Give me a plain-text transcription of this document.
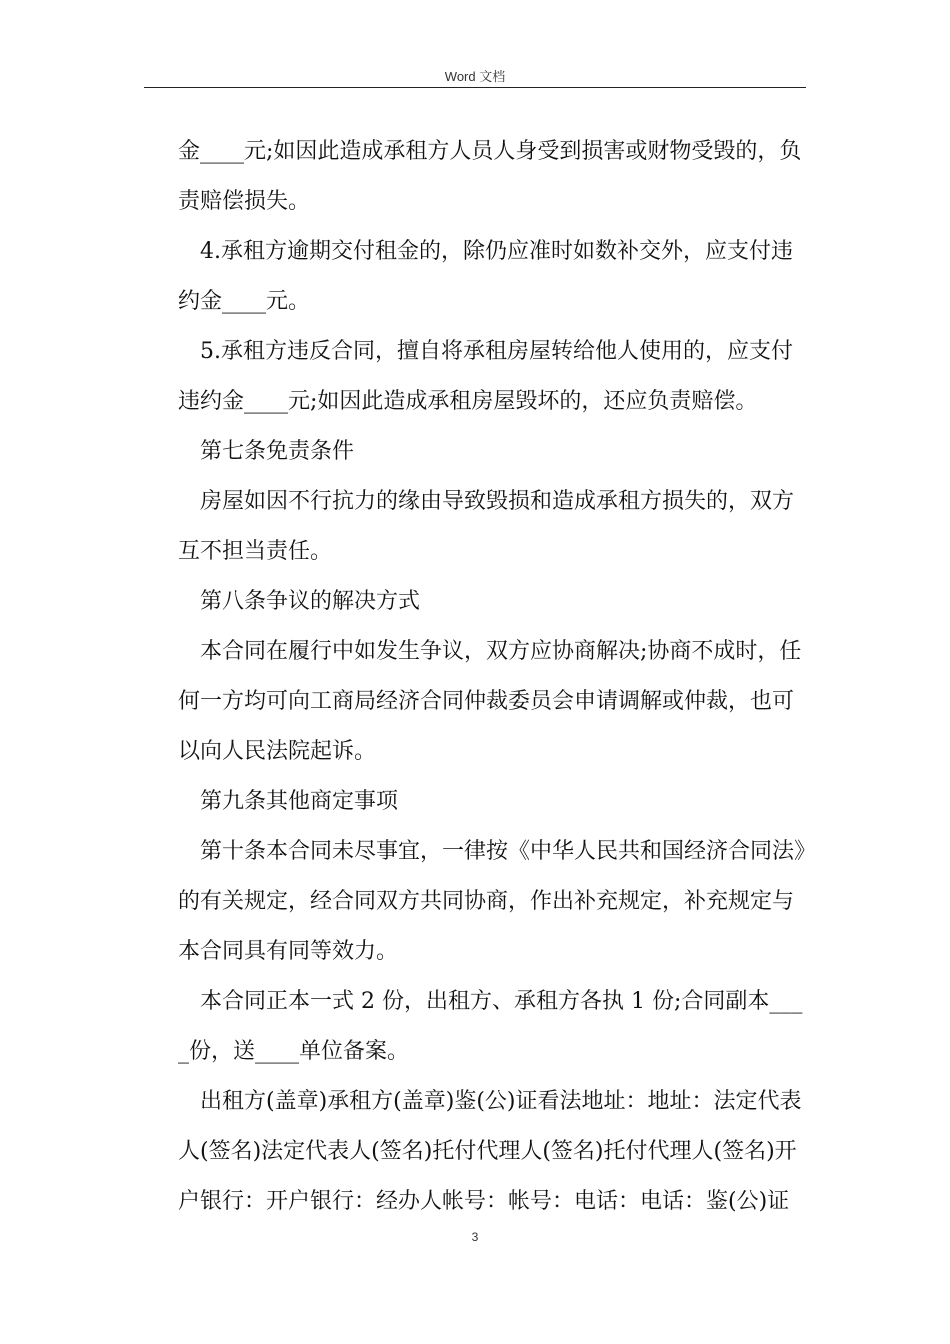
Word 文档

金____元;如因此造成承租方人员人身受到损害或财物受毁的，负责赔偿损失。

4.承租方逾期交付租金的，除仍应准时如数补交外，应支付违约金____元。

5.承租方违反合同，擅自将承租房屋转给他人使用的，应支付违约金____元;如因此造成承租房屋毁坏的，还应负责赔偿。

第七条免责条件

房屋如因不行抗力的缘由导致毁损和造成承租方损失的，双方互不担当责任。

第八条争议的解决方式

本合同在履行中如发生争议，双方应协商解决;协商不成时，任何一方均可向工商局经济合同仲裁委员会申请调解或仲裁，也可以向人民法院起诉。

第九条其他商定事项

第十条本合同未尽事宜，一律按《中华人民共和国经济合同法》的有关规定，经合同双方共同协商，作出补充规定，补充规定与本合同具有同等效力。

本合同正本一式 2 份，出租方、承租方各执 1 份;合同副本____份，送____单位备案。

出租方(盖章)承租方(盖章)鉴(公)证看法地址：地址：法定代表人(签名)法定代表人(签名)托付代理人(签名)托付代理人(签名)开户银行：开户银行：经办人帐号：帐号：电话：电话：鉴(公)证

3
